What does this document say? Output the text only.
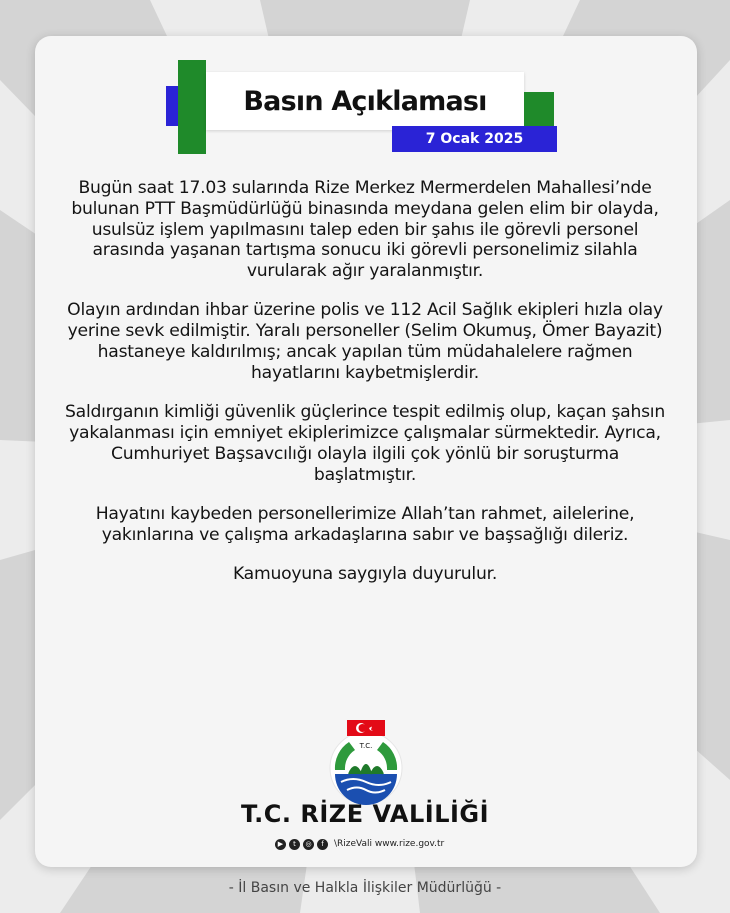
Basın Açıklaması
7 Ocak 2025

Bugün saat 17.03 sularında Rize Merkez Mermerdelen Mahallesi’nde bulunan PTT Başmüdürlüğü binasında meydana gelen elim bir olayda, usulsüz işlem yapılmasını talep eden bir şahıs ile görevli personel arasında yaşanan tartışma sonucu iki görevli personelimiz silahla vurularak ağır yaralanmıştır.

Olayın ardından ihbar üzerine polis ve 112 Acil Sağlık ekipleri hızla olay yerine sevk edilmiştir. Yaralı personeller (Selim Okumuş, Ömer Bayazit) hastaneye kaldırılmış; ancak yapılan tüm müdahalelere rağmen hayatlarını kaybetmişlerdir.

Saldırganın kimliği güvenlik güçlerince tespit edilmiş olup, kaçan şahsın yakalanması için emniyet ekiplerimizce çalışmalar sürmektedir. Ayrıca, Cumhuriyet Başsavcılığı olayla ilgili çok yönlü bir soruşturma başlatmıştır.

Hayatını kaybeden personellerimize Allah’tan rahmet, ailelerine, yakınlarına ve çalışma arkadaşlarına sabır ve başsağlığı dileriz.

Kamuoyuna saygıyla duyurulur.

T.C.
T.C. RİZE VALİLİĞİ
▶	t	◎	f	\RizeVali www.rize.gov.tr
- İl Basın ve Halkla İlişkiler Müdürlüğü -
